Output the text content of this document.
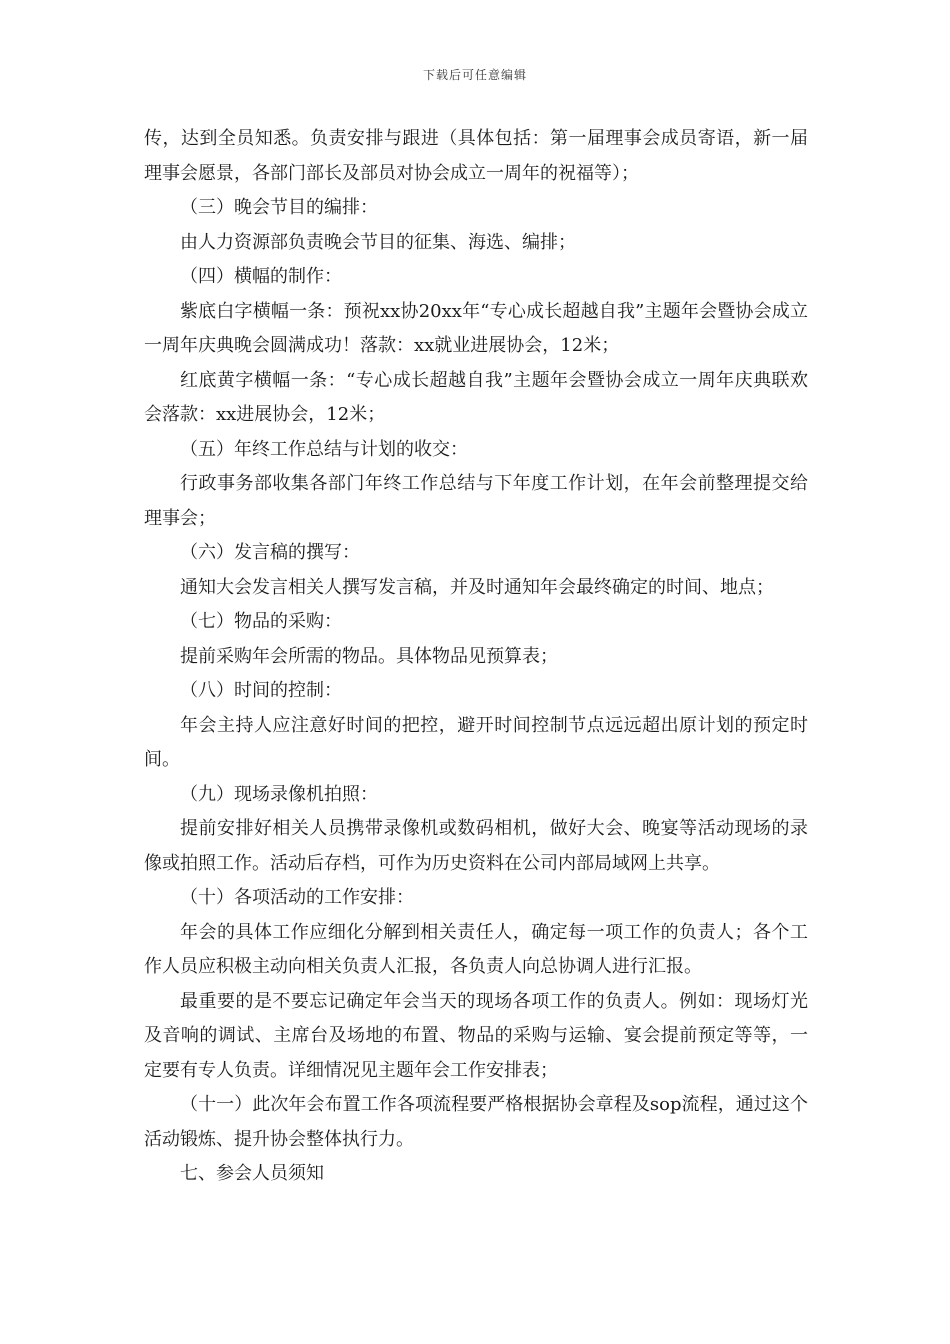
下载后可任意编辑

传，达到全员知悉。负责安排与跟进（具体包括：第一届理事会成员寄语，新一届理事会愿景，各部门部长及部员对协会成立一周年的祝福等）；

（三）晚会节目的编排：

由人力资源部负责晚会节目的征集、海选、编排；

（四）横幅的制作：

紫底白字横幅一条：预祝xx协20xx年“专心成长超越自我”主题年会暨协会成立一周年庆典晚会圆满成功！落款：xx就业进展协会，12米；

红底黄字横幅一条：“专心成长超越自我”主题年会暨协会成立一周年庆典联欢会落款：xx进展协会，12米；

（五）年终工作总结与计划的收交：

行政事务部收集各部门年终工作总结与下年度工作计划，在年会前整理提交给理事会；

（六）发言稿的撰写：

通知大会发言相关人撰写发言稿，并及时通知年会最终确定的时间、地点；

（七）物品的采购：

提前采购年会所需的物品。具体物品见预算表；

（八）时间的控制：

年会主持人应注意好时间的把控，避开时间控制节点远远超出原计划的预定时间。

（九）现场录像机拍照：

提前安排好相关人员携带录像机或数码相机，做好大会、晚宴等活动现场的录像或拍照工作。活动后存档，可作为历史资料在公司内部局域网上共享。

（十）各项活动的工作安排：

年会的具体工作应细化分解到相关责任人，确定每一项工作的负责人；各个工作人员应积极主动向相关负责人汇报，各负责人向总协调人进行汇报。

最重要的是不要忘记确定年会当天的现场各项工作的负责人。例如：现场灯光及音响的调试、主席台及场地的布置、物品的采购与运输、宴会提前预定等等，一定要有专人负责。详细情况见主题年会工作安排表；

（十一）此次年会布置工作各项流程要严格根据协会章程及sop流程，通过这个活动锻炼、提升协会整体执行力。

七、参会人员须知
